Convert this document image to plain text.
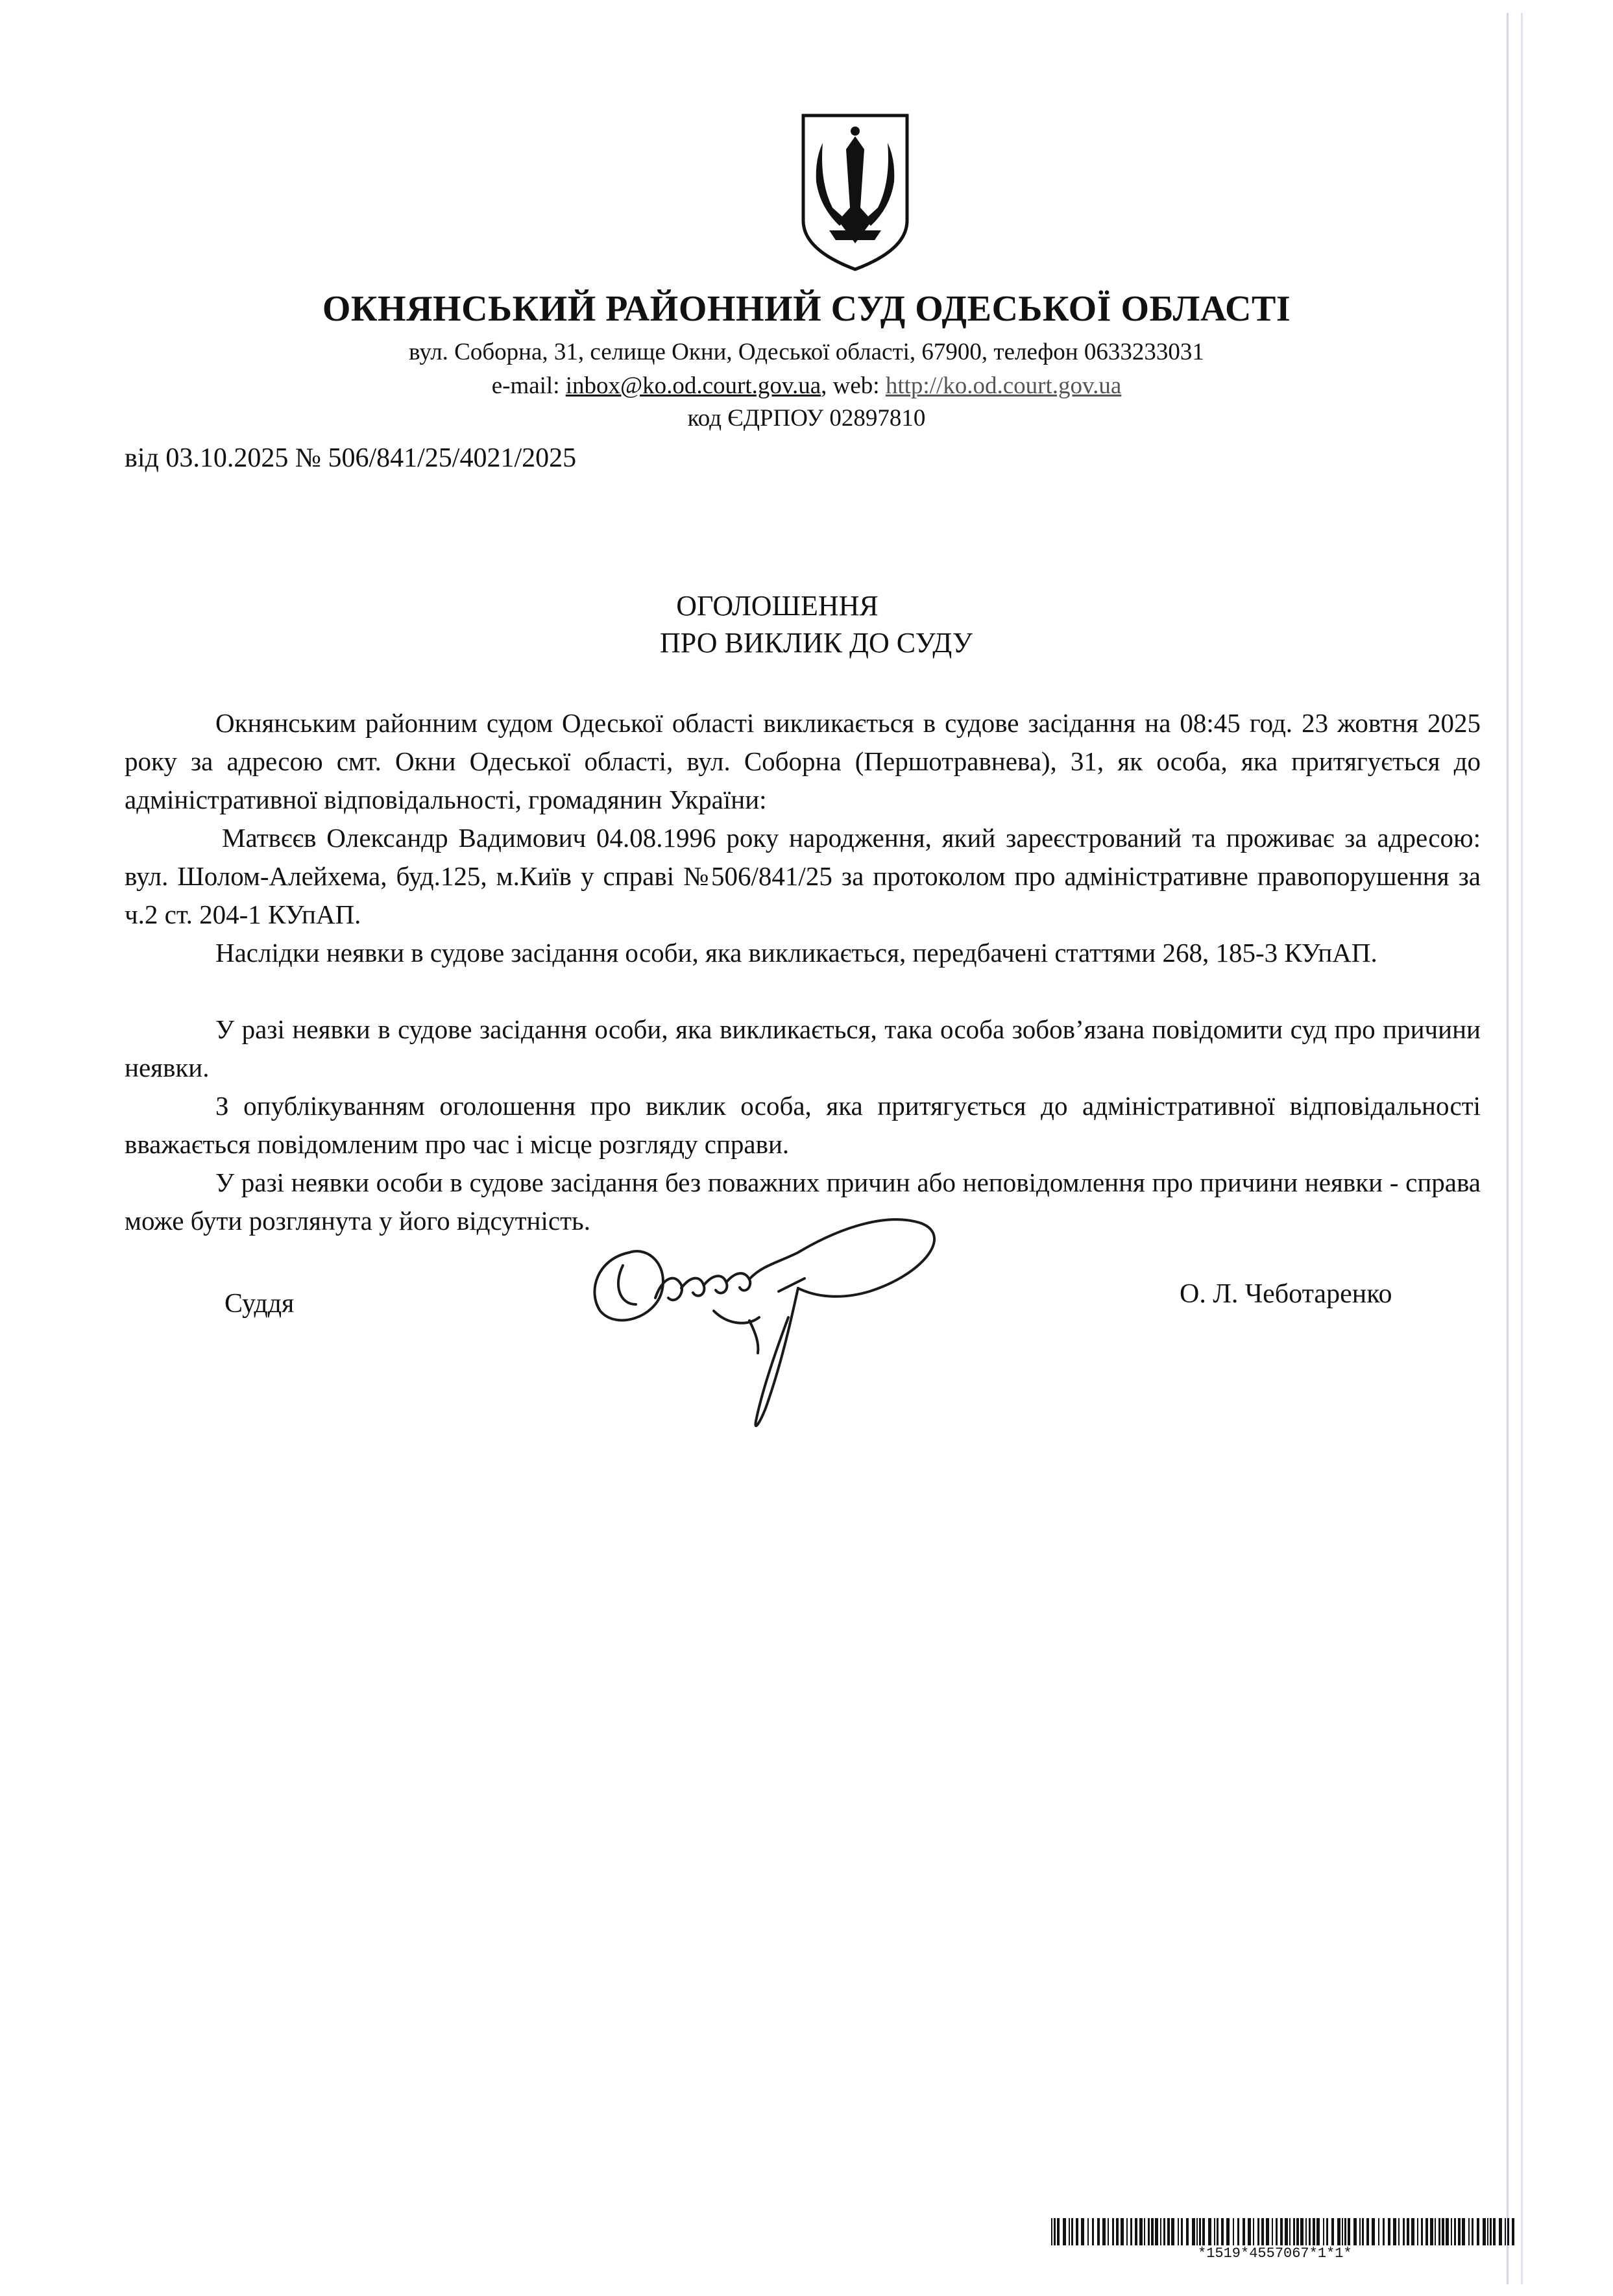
ОКНЯНСЬКИЙ РАЙОННИЙ СУД ОДЕСЬКОЇ ОБЛАСТІ
вул. Соборна, 31, селище Окни, Одеської області, 67900, телефон 0633233031
e-mail: inbox@ko.od.court.gov.ua, web: http://ko.od.court.gov.ua
код ЄДРПОУ 02897810
від 03.10.2025 № 506/841/25/4021/2025
ОГОЛОШЕННЯ
ПРО ВИКЛИК ДО СУДУ
Окнянським районним судом Одеської області викликається в судове засідання на 08:45 год. 23 жовтня 2025 року за адресою смт. Окни Одеської області, вул. Соборна (Першотравнева), 31, як особа, яка притягується до адміністративної відповідальності, громадянин України:
Матвєєв Олександр Вадимович 04.08.1996 року народження, який зареєстрований та проживає за адресою: вул. Шолом-Алейхема, буд.125, м.Київ у справі №506/841/25 за протоколом про адміністративне правопорушення за ч.2 ст. 204-1 КУпАП.
Наслідки неявки в судове засідання особи, яка викликається, передбачені статтями 268, 185-3 КУпАП.
У разі неявки в судове засідання особи, яка викликається, така особа зобов’язана повідомити суд про причини неявки.
З опублікуванням оголошення про виклик особа, яка притягується до адміністративної відповідальності вважається повідомленим про час і місце розгляду справи.
У разі неявки особи в судове засідання без поважних причин або неповідомлення про причини неявки - справа може бути розглянута у його відсутність.
Суддя	О. Л. Чеботаренко
*1519*4557067*1*1*
